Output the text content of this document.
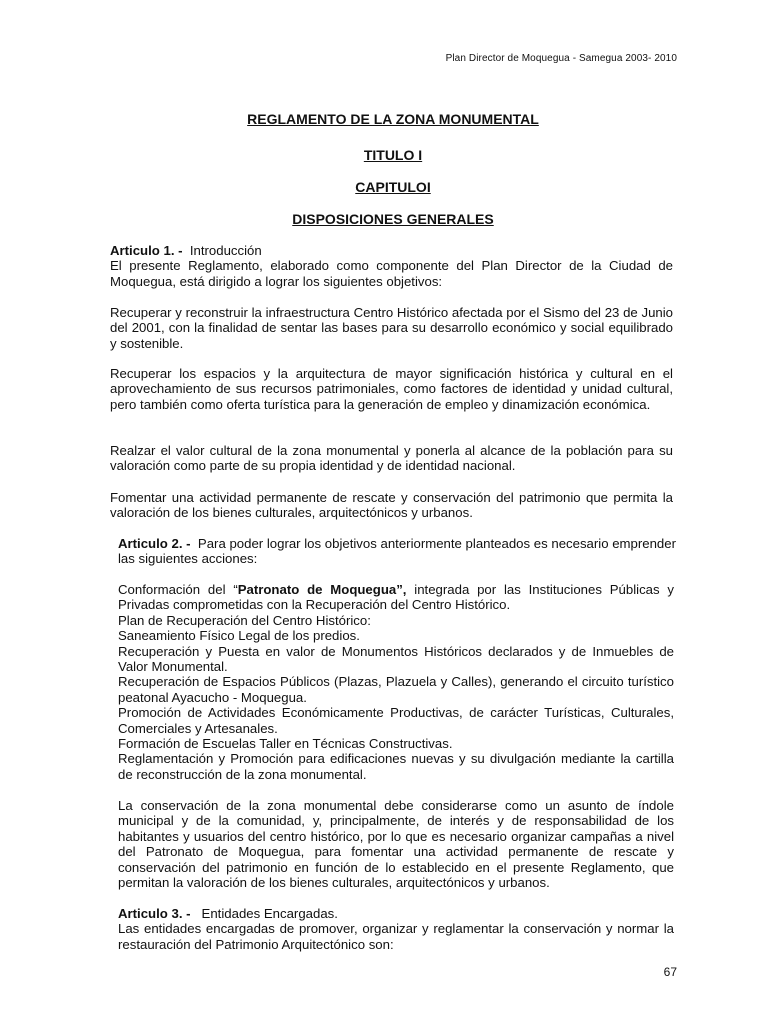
Plan Director de Moquegua - Samegua 2003- 2010
REGLAMENTO DE LA ZONA MONUMENTAL
TITULO I
CAPITULOI
DISPOSICIONES GENERALES

Articulo 1. - Introducción

El presente Reglamento, elaborado como componente del Plan Director de la Ciudad de Moquegua, está dirigido a lograr los siguientes objetivos:

Recuperar y reconstruir la infraestructura Centro Histórico afectada por el Sismo del 23 de Junio del 2001, con la finalidad de sentar las bases para su desarrollo económico y social equilibrado y sostenible.
Recuperar los espacios y la arquitectura de mayor significación histórica y cultural en el aprovechamiento de sus recursos patrimoniales, como factores de identidad y unidad cultural, pero también como oferta turística para la generación de empleo y dinamización económica.
Realzar el valor cultural de la zona monumental y ponerla al alcance de la población para su valoración como parte de su propia identidad y de identidad nacional.
Fomentar una actividad permanente de rescate y conservación del patrimonio que permita la valoración de los bienes culturales, arquitectónicos y urbanos.
Articulo 2. - Para poder lograr los objetivos anteriormente planteados es necesario emprender las siguientes acciones:

Conformación del “Patronato de Moquegua”, integrada por las Instituciones Públicas y Privadas comprometidas con la Recuperación del Centro Histórico.

Plan de Recuperación del Centro Histórico:

Saneamiento Físico Legal de los predios.

Recuperación y Puesta en valor de Monumentos Históricos declarados y de Inmuebles de Valor Monumental.

Recuperación de Espacios Públicos (Plazas, Plazuela y Calles), generando el circuito turístico peatonal Ayacucho - Moquegua.

Promoción de Actividades Económicamente Productivas, de carácter Turísticas, Culturales, Comerciales y Artesanales.

Formación de Escuelas Taller en Técnicas Constructivas.

Reglamentación y Promoción para edificaciones nuevas y su divulgación mediante la cartilla de reconstrucción de la zona monumental.

La conservación de la zona monumental debe considerarse como un asunto de índole municipal y de la comunidad, y, principalmente, de interés y de responsabilidad de los habitantes y usuarios del centro histórico, por lo que es necesario organizar campañas a nivel del Patronato de Moquegua, para fomentar una actividad permanente de rescate y conservación del patrimonio en función de lo establecido en el presente Reglamento, que permitan la valoración de los bienes culturales, arquitectónicos y urbanos.

Articulo 3. - Entidades Encargadas.

Las entidades encargadas de promover, organizar y reglamentar la conservación y normar la restauración del Patrimonio Arquitectónico son:

67
